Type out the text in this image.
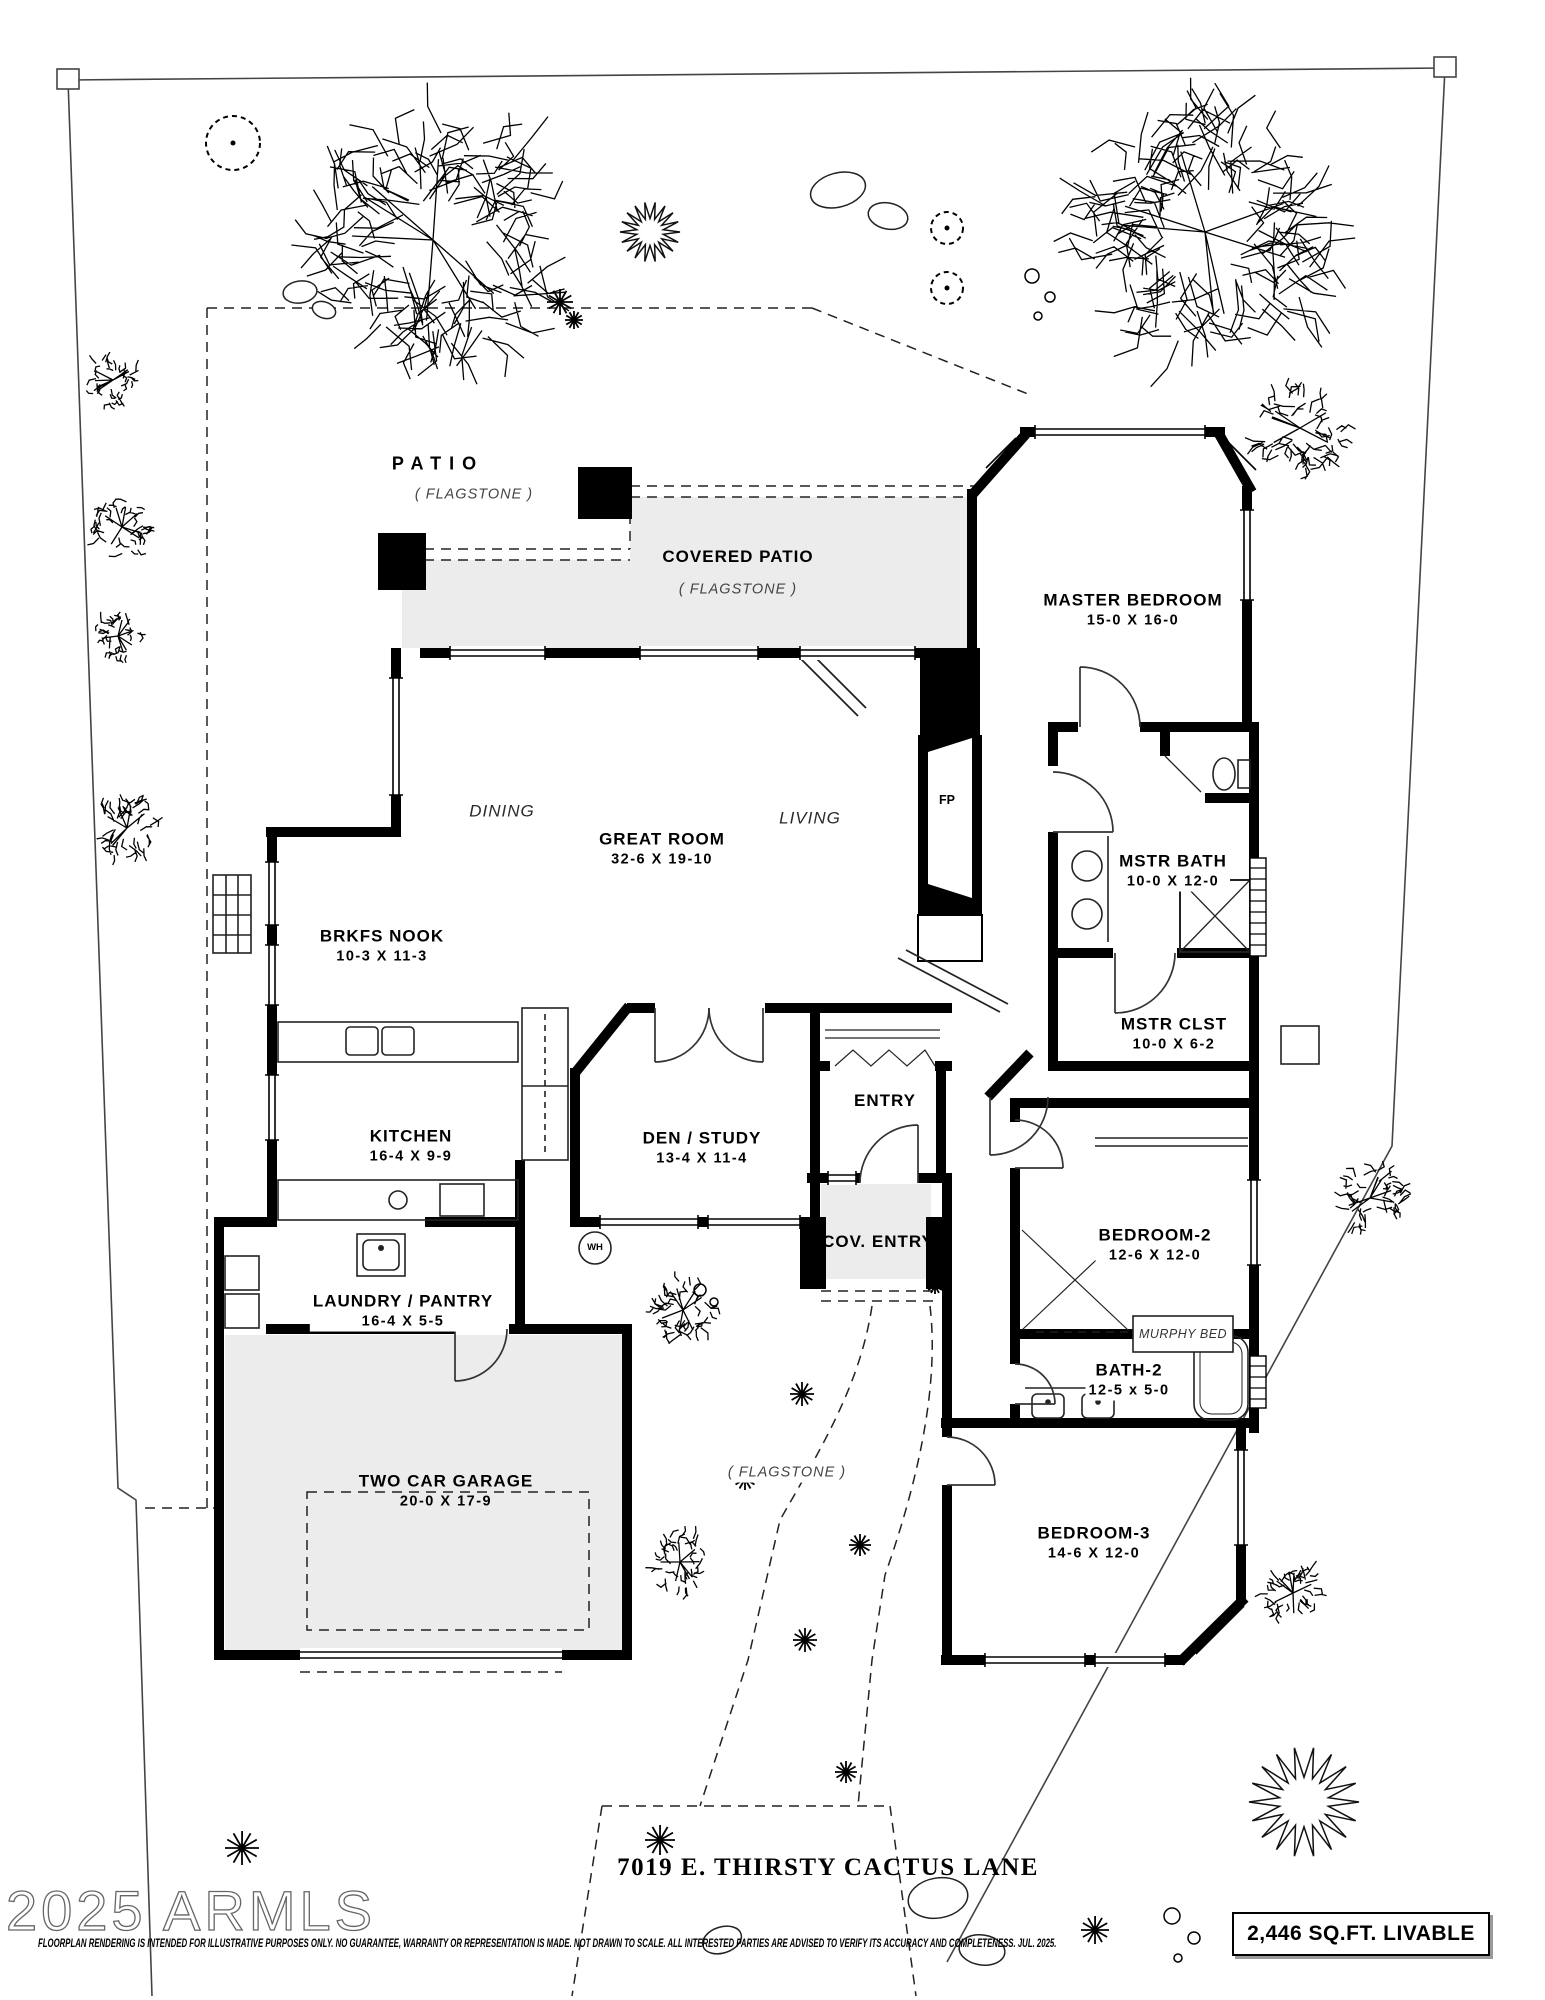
2025 ARMLS
PATIO
( FLAGSTONE )
COVERED PATIO
( FLAGSTONE )
MASTER BEDROOM
15-0 X 16-0
DINING
GREAT ROOM
32-6 X 19-10
LIVING
FP
MSTR BATH
10-0 X 12-0
BRKFS NOOK
10-3 X 11-3
MSTR CLST
10-0 X 6-2
KITCHEN
16-4 X 9-9
DEN / STUDY
13-4 X 11-4
ENTRY
COV. ENTRY	BEDROOM-2
12-6 X 12-0
MURPHY BED
BATH-2
12-5 x 5-0
LAUNDRY / PANTRY
16-4 X 5-5
TWO CAR GARAGE
20-0 X 17-9
BEDROOM-3
14-6 X 12-0
( FLAGSTONE )
WH
7019 E. THIRSTY CACTUS LANE
FLOORPLAN RENDERING IS INTENDED FOR ILLUSTRATIVE PURPOSES ONLY. NO GUARANTEE, WARRANTY OR REPRESENTATION IS MADE. NOT DRAWN TO SCALE. ALL INTERESTED PARTIES ARE ADVISED TO VERIFY ITS ACCURACY AND COMPLETENESS. JUL. 2025.	2,446 SQ.FT. LIVABLE
